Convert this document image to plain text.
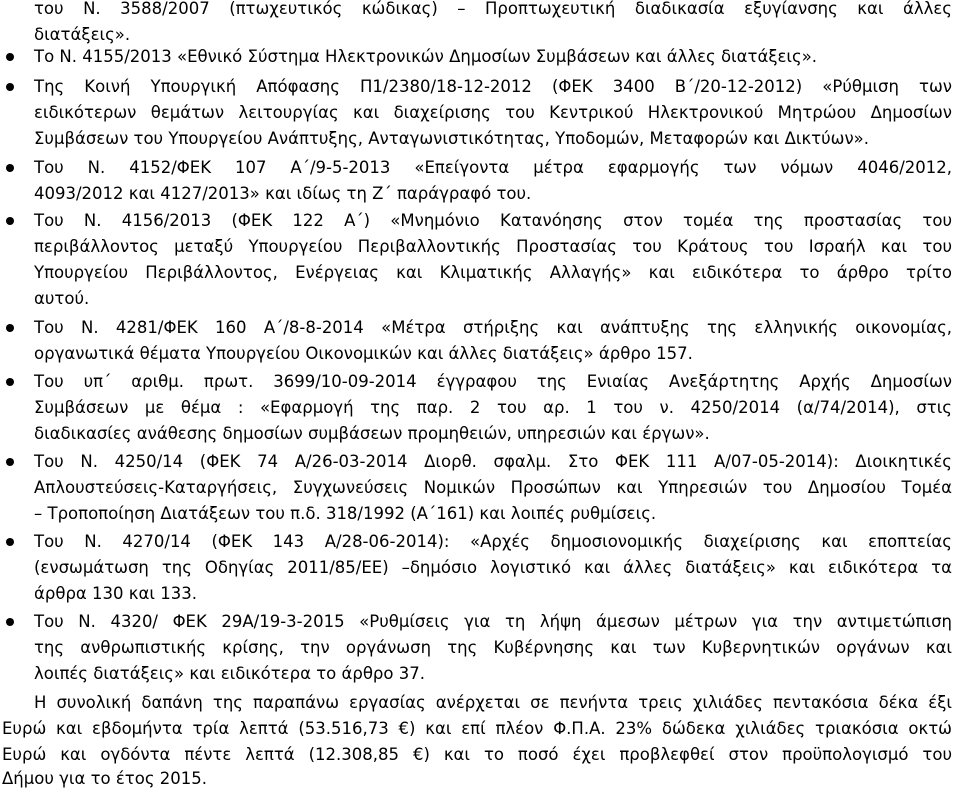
του Ν. 3588/2007 (πτωχευτικός κώδικας) – Προπτωχευτική διαδικασία εξυγίανσης και άλλες
διατάξεις».
Το Ν. 4155/2013 «Εθνικό Σύστημα Ηλεκτρονικών Δημοσίων Συμβάσεων και άλλες διατάξεις».
Της Κοινή Υπουργική Απόφασης Π1/2380/18-12-2012 (ΦΕΚ 3400 Β΄/20-12-2012) «Ρύθμιση των
ειδικότερων θεμάτων λειτουργίας και διαχείρισης του Κεντρικού Ηλεκτρονικού Μητρώου Δημοσίων
Συμβάσεων του Υπουργείου Ανάπτυξης, Ανταγωνιστικότητας, Υποδομών, Μεταφορών και Δικτύων».
Του Ν. 4152/ΦΕΚ 107 Α΄/9-5-2013 «Επείγοντα μέτρα εφαρμογής των νόμων 4046/2012,
4093/2012 και 4127/2013» και ιδίως τη Ζ΄ παράγραφό του.
Του Ν. 4156/2013 (ΦΕΚ 122 Α΄) «Μνημόνιο Κατανόησης στον τομέα της προστασίας του
περιβάλλοντος μεταξύ Υπουργείου Περιβαλλοντικής Προστασίας του Κράτους του Ισραήλ και του
Υπουργείου Περιβάλλοντος, Ενέργειας και Κλιματικής Αλλαγής» και ειδικότερα το άρθρο τρίτο
αυτού.
Του Ν. 4281/ΦΕΚ 160 Α΄/8-8-2014 «Μέτρα στήριξης και ανάπτυξης της ελληνικής οικονομίας,
οργανωτικά θέματα Υπουργείου Οικονομικών και άλλες διατάξεις» άρθρο 157.
Του υπ΄ αριθμ. πρωτ. 3699/10-09-2014 έγγραφου της Ενιαίας Ανεξάρτητης Αρχής Δημοσίων
Συμβάσεων με θέμα : «Εφαρμογή της παρ. 2 του αρ. 1 του ν. 4250/2014 (α/74/2014), στις
διαδικασίες ανάθεσης δημοσίων συμβάσεων προμηθειών, υπηρεσιών και έργων».
Του Ν. 4250/14 (ΦΕΚ 74 Α/26-03-2014 Διορθ. σφαλμ. Στο ΦΕΚ 111 Α/07-05-2014): Διοικητικές
Απλουστεύσεις-Καταργήσεις, Συγχωνεύσεις Νομικών Προσώπων και Υπηρεσιών του Δημοσίου Τομέα
– Τροποποίηση Διατάξεων του π.δ. 318/1992 (Α΄161) και λοιπές ρυθμίσεις.
Του Ν. 4270/14 (ΦΕΚ 143 Α/28-06-2014): «Αρχές δημοσιονομικής διαχείρισης και εποπτείας
(ενσωμάτωση της Οδηγίας 2011/85/ΕΕ) –δημόσιο λογιστικό και άλλες διατάξεις» και ειδικότερα τα
άρθρα 130 και 133.
Του Ν. 4320/ ΦΕΚ 29Α/19-3-2015 «Ρυθμίσεις για τη λήψη άμεσων μέτρων για την αντιμετώπιση
της ανθρωπιστικής κρίσης, την οργάνωση της Κυβέρνησης και των Κυβερνητικών οργάνων και
λοιπές διατάξεις» και ειδικότερα το άρθρο 37.
Η συνολική δαπάνη της παραπάνω εργασίας ανέρχεται σε πενήντα τρεις χιλιάδες πεντακόσια δέκα έξι
Ευρώ και εβδομήντα τρία λεπτά (53.516,73 €) και επί πλέον Φ.Π.Α. 23% δώδεκα χιλιάδες τριακόσια οκτώ
Ευρώ και ογδόντα πέντε λεπτά (12.308,85 €) και το ποσό έχει προβλεφθεί στον προϋπολογισμό του
Δήμου για το έτος 2015.
